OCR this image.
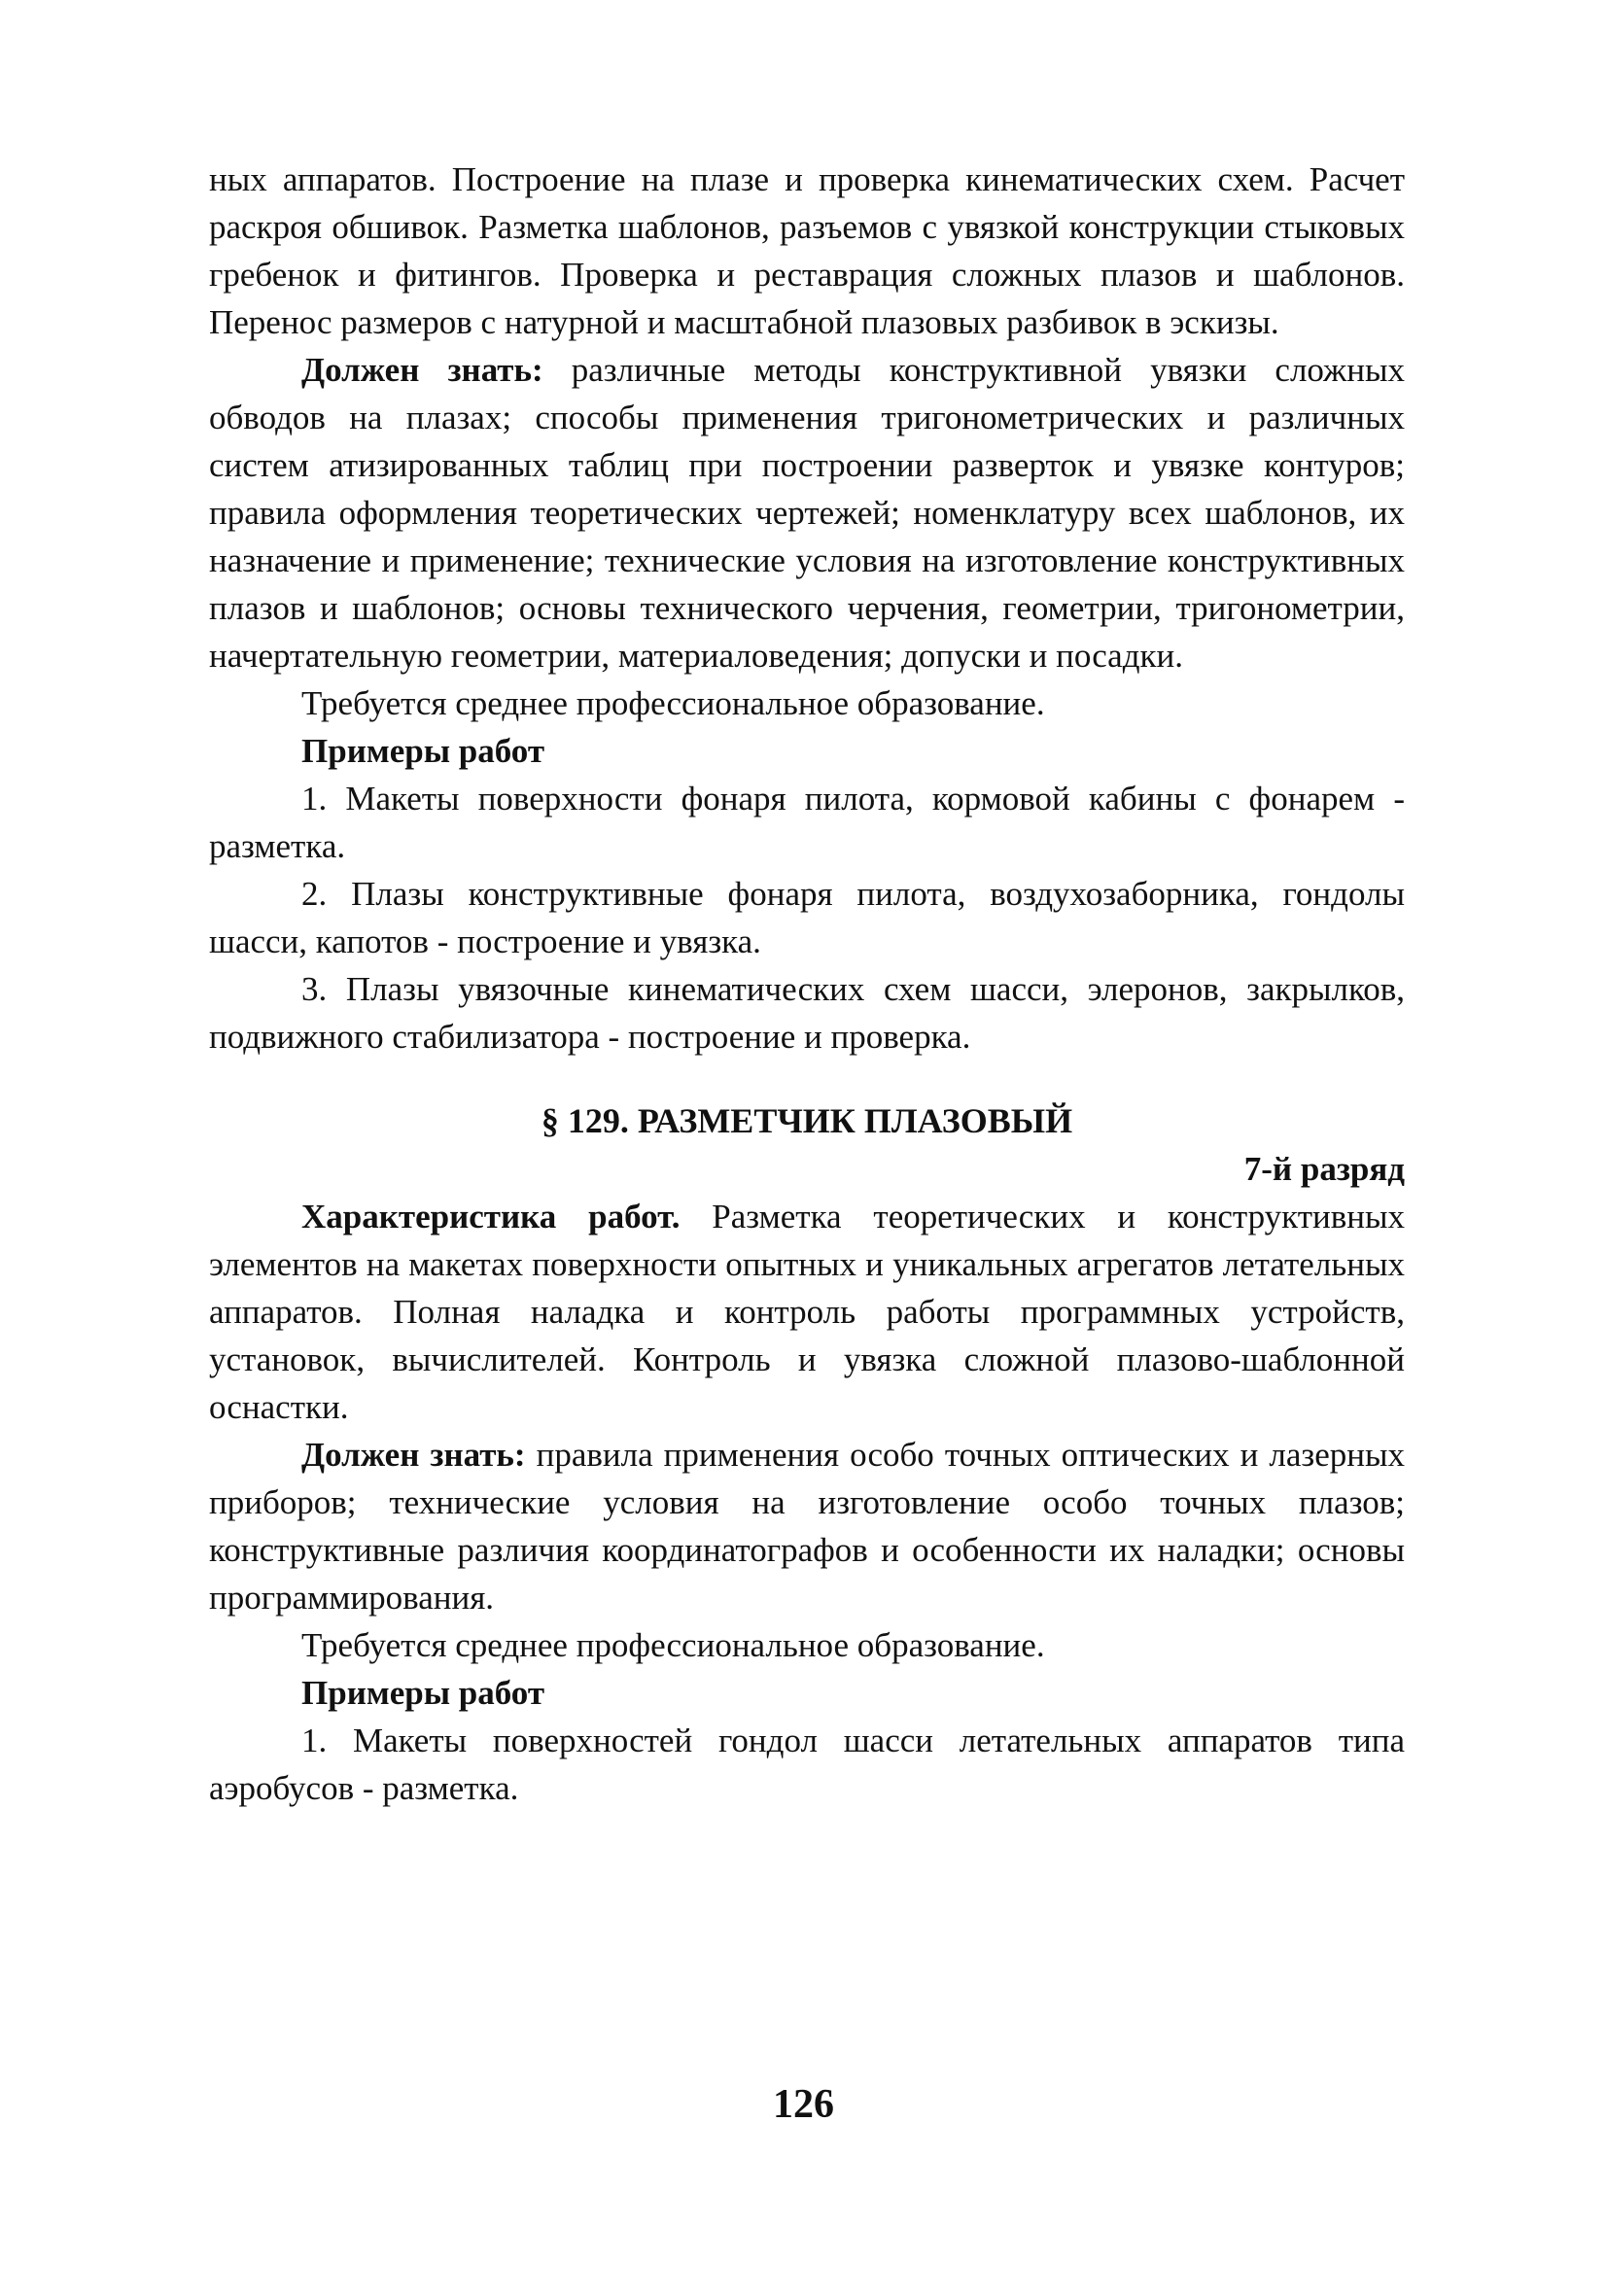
ных аппаратов. Построение на плазе и проверка кинематических схем. Расчет раскроя обшивок. Разметка шаблонов, разъемов с увязкой конструкции стыковых гребенок и фитингов. Проверка и реставрация сложных плазов и шаблонов. Перенос размеров с натурной и масштабной плазовых разбивок в эскизы.

Должен знать: различные методы конструктивной увязки сложных обводов на плазах; способы применения тригонометрических и различных систем атизированных таблиц при построении разверток и увязке контуров; правила оформления теоретических чертежей; номенклатуру всех шаблонов, их назначение и применение; технические условия на изготовление конструктивных плазов и шаблонов; основы технического черчения, геометрии, тригонометрии, начертательную геометрии, материаловедения; допуски и посадки.

Требуется среднее профессиональное образование.

Примеры работ

1. Макеты поверхности фонаря пилота, кормовой кабины с фонарем - разметка.

2. Плазы конструктивные фонаря пилота, воздухозаборника, гондолы шасси, капотов - построение и увязка.

3. Плазы увязочные кинематических схем шасси, элеронов, закрылков, подвижного стабилизатора - построение и проверка.

§ 129. РАЗМЕТЧИК ПЛАЗОВЫЙ

7-й разряд

Характеристика работ. Разметка теоретических и конструктивных элементов на макетах поверхности опытных и уникальных агрегатов летательных аппаратов. Полная наладка и контроль работы программных устройств, установок, вычислителей. Контроль и увязка сложной плазово-шаблонной оснастки.

Должен знать: правила применения особо точных оптических и лазерных приборов; технические условия на изготовление особо точных плазов; конструктивные различия координатографов и особенности их наладки; основы программирования.

Требуется среднее профессиональное образование.

Примеры работ

1. Макеты поверхностей гондол шасси летательных аппаратов типа аэробусов - разметка.

126
